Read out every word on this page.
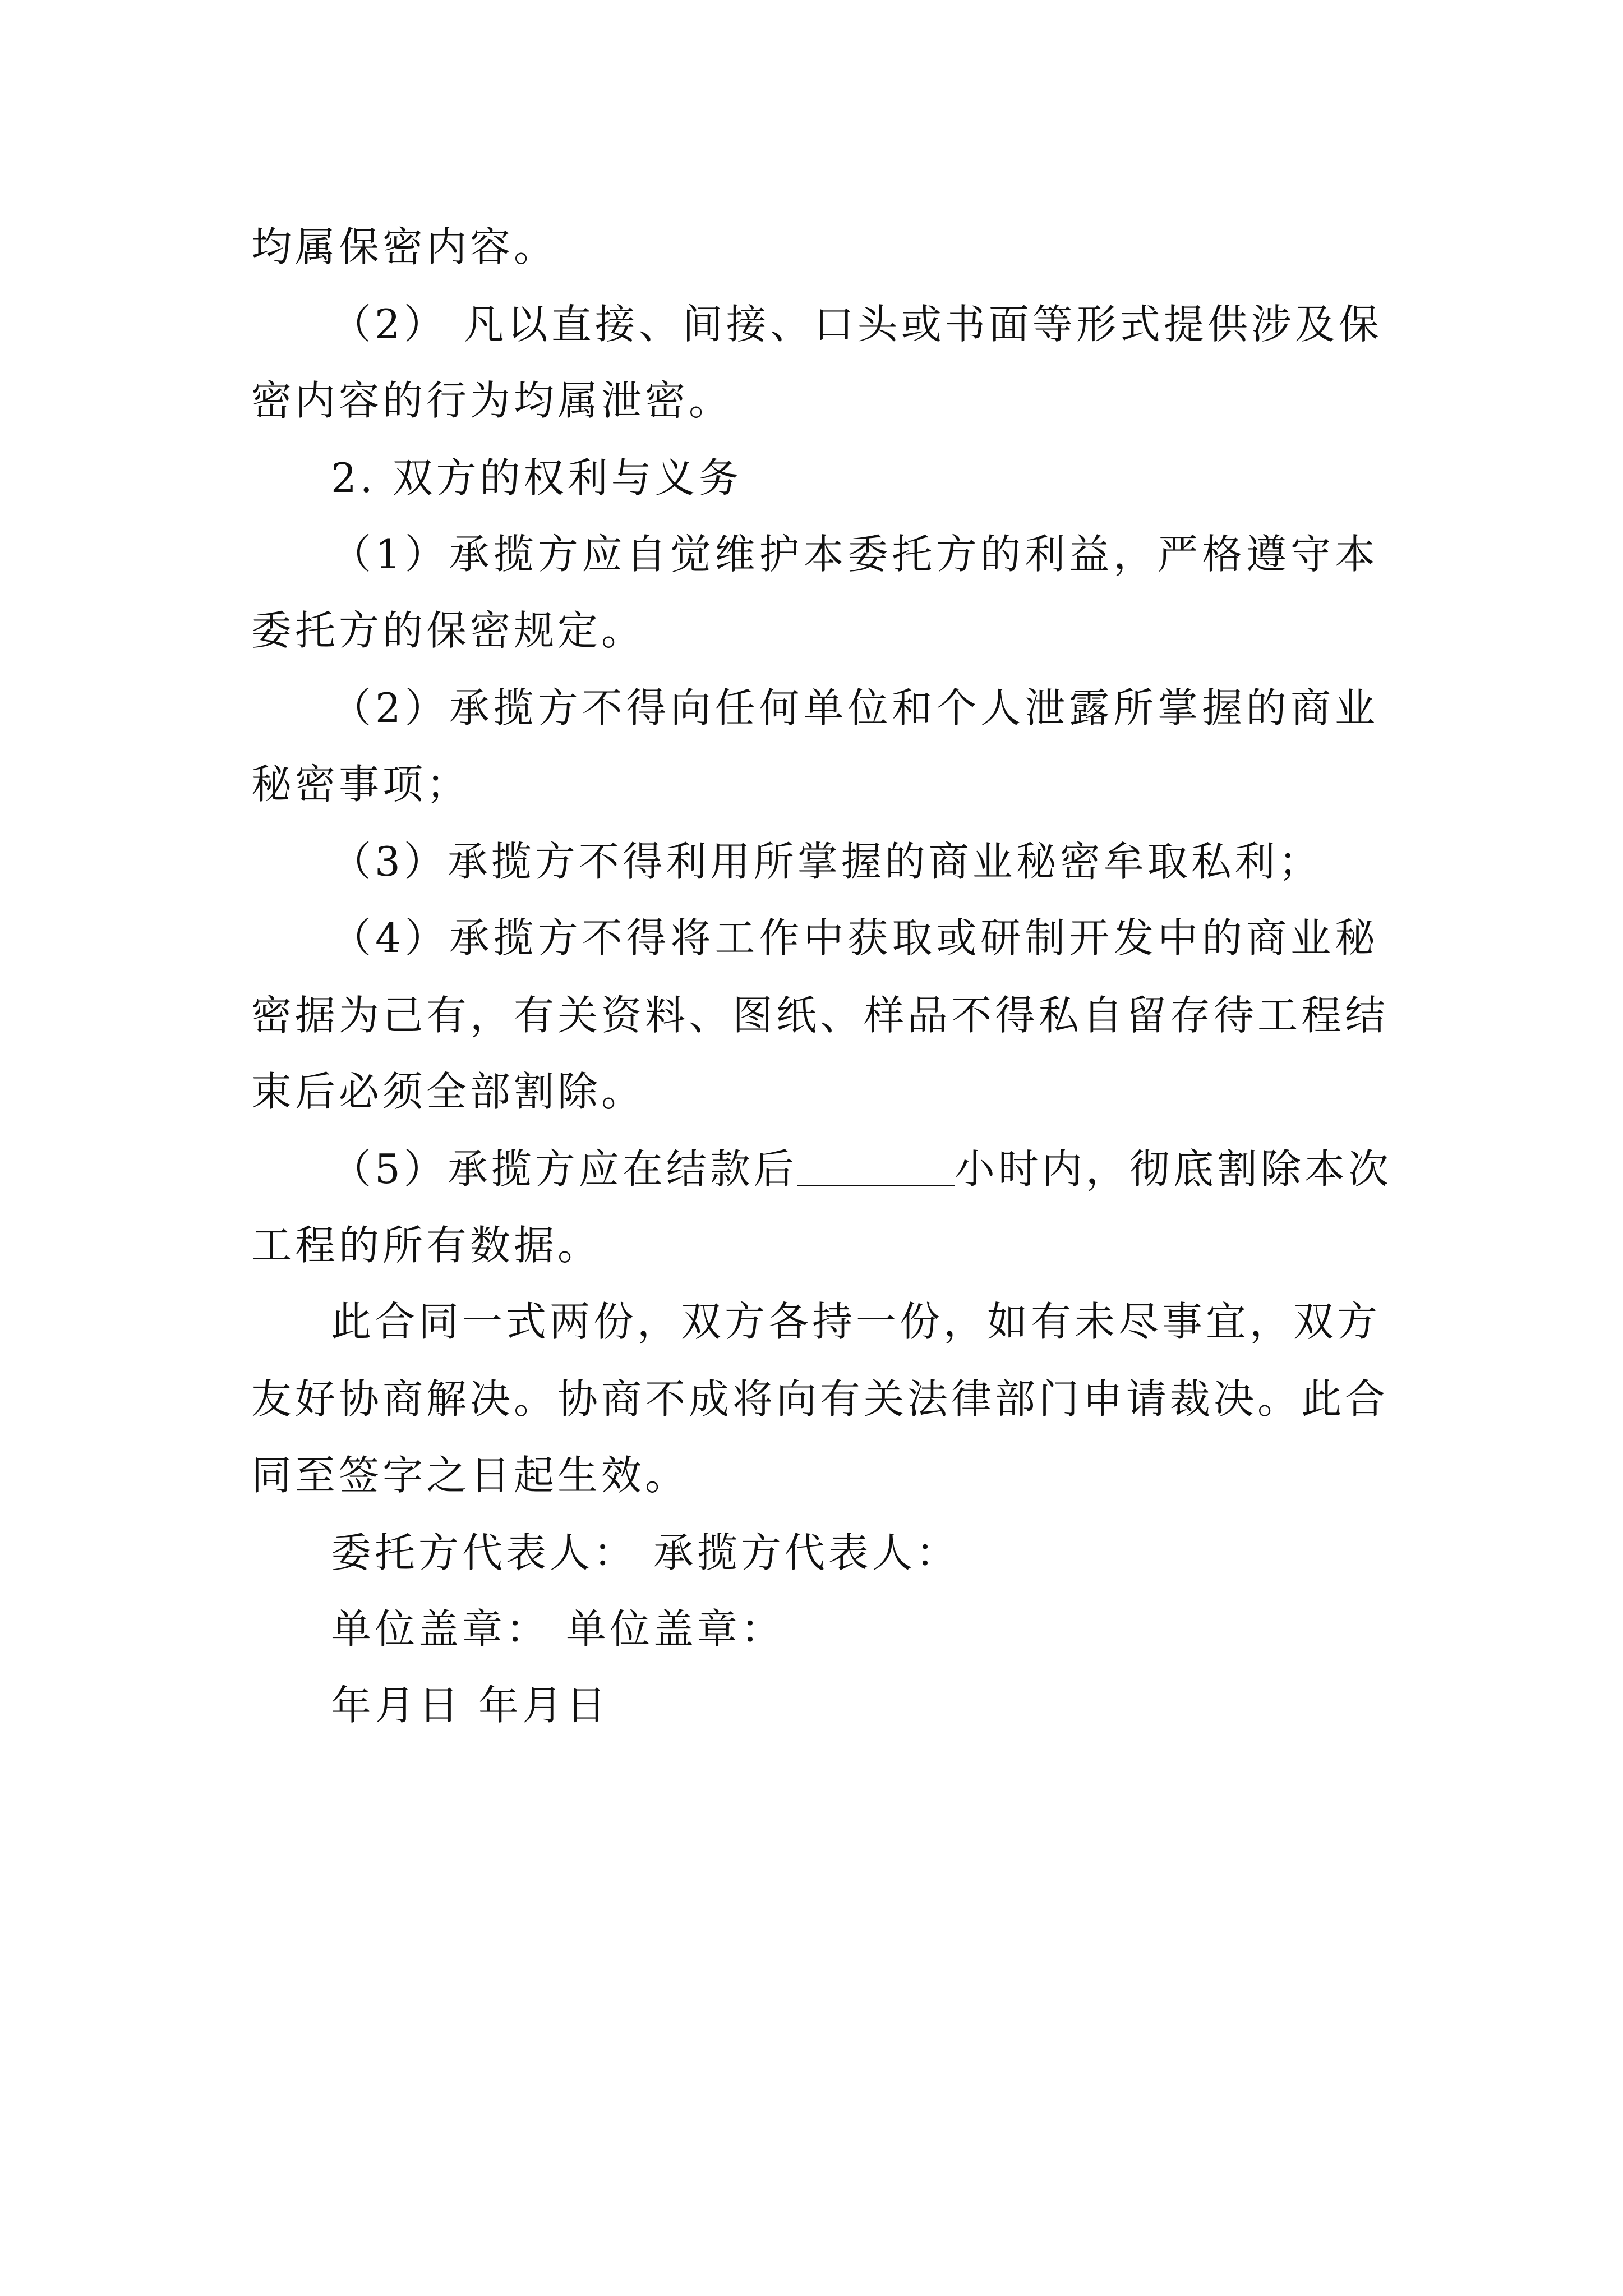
均属保密内容。
（2） 凡以直接、间接、口头或书面等形式提供涉及保
密内容的行为均属泄密。
2. 双方的权利与义务
（1）承揽方应自觉维护本委托方的利益，严格遵守本
委托方的保密规定。
（2）承揽方不得向任何单位和个人泄露所掌握的商业
秘密事项；
（3）承揽方不得利用所掌握的商业秘密牟取私利；
（4）承揽方不得将工作中获取或研制开发中的商业秘
密据为己有，有关资料、图纸、样品不得私自留存待工程结
束后必须全部割除。
（5）承揽方应在结款后	小时内，彻底割除本次
工程的所有数据。
此合同一式两份，双方各持一份，如有未尽事宜，双方
友好协商解决。协商不成将向有关法律部门申请裁决。此合
同至签字之日起生效。
委托方代表人： 承揽方代表人：
单位盖章： 单位盖章：
年月日 年月日
